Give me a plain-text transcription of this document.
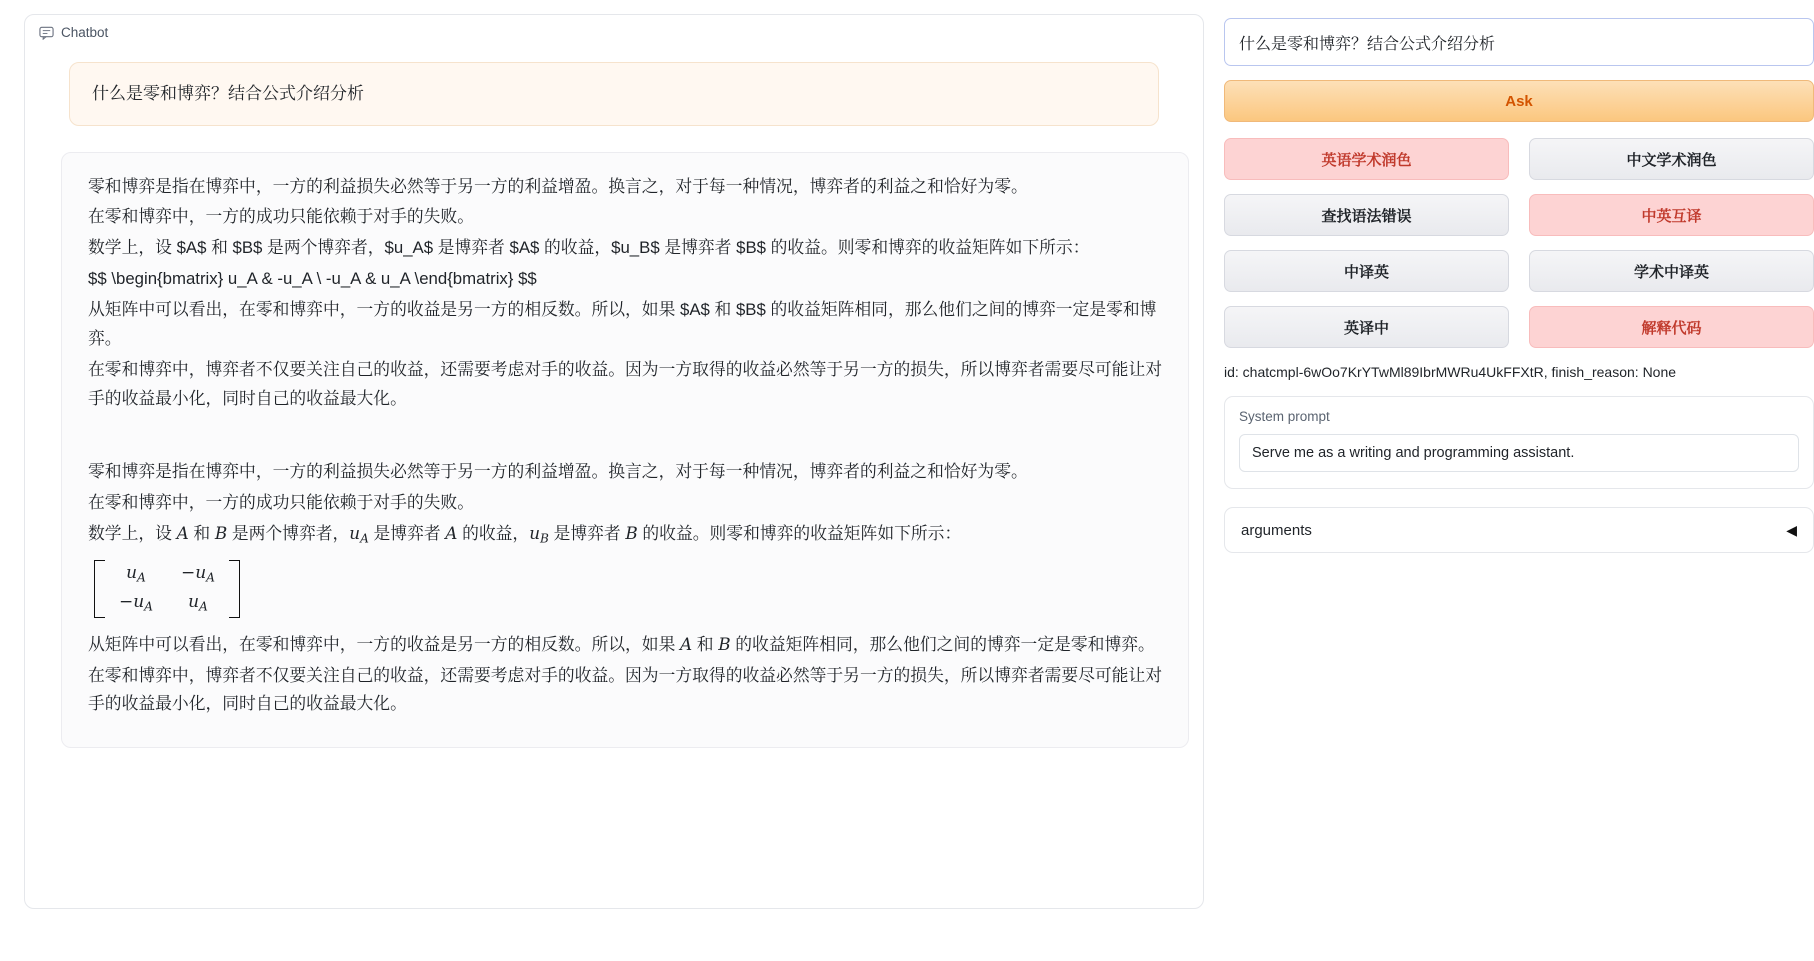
Chatbot
什么是零和博弈？结合公式介绍分析

零和博弈是指在博弈中，一方的利益损失必然等于另一方的利益增盈。换言之，对于每一种情况，博弈者的利益之和恰好为零。

在零和博弈中，一方的成功只能依赖于对手的失败。

数学上，设 $A$ 和 $B$ 是两个博弈者，$u_A$ 是博弈者 $A$ 的收益，$u_B$ 是博弈者 $B$ 的收益。则零和博弈的收益矩阵如下所示：

$$ \begin{bmatrix} u_A & -u_A \ -u_A & u_A \end{bmatrix} $$

从矩阵中可以看出，在零和博弈中，一方的收益是另一方的相反数。所以，如果 $A$ 和 $B$ 的收益矩阵相同，那么他们之间的博弈一定是零和博弈。

在零和博弈中，博弈者不仅要关注自己的收益，还需要考虑对手的收益。因为一方取得的收益必然等于另一方的损失，所以博弈者需要尽可能让对手的收益最小化，同时自己的收益最大化。

零和博弈是指在博弈中，一方的利益损失必然等于另一方的利益增盈。换言之，对于每一种情况，博弈者的利益之和恰好为零。

在零和博弈中，一方的成功只能依赖于对手的失败。

数学上，设 A 和 B 是两个博弈者，$u_A$ 是博弈者 A 的收益，$u_B$ 是博弈者 B 的收益。则零和博弈的收益矩阵如下所示：

$u_A -u_A$
$-u_A$ $u_A$

从矩阵中可以看出，在零和博弈中，一方的收益是另一方的相反数。所以，如果 A 和 B 的收益矩阵相同，那么他们之间的博弈一定是零和博弈。

在零和博弈中，博弈者不仅要关注自己的收益，还需要考虑对手的收益。因为一方取得的收益必然等于另一方的损失，所以博弈者需要尽可能让对手的收益最小化，同时自己的收益最大化。

什么是零和博弈？结合公式介绍分析 Ask
英语学术润色	中文学术润色
查找语法错误	中英互译
中译英	学术中译英
英译中	解释代码
id: chatcmpl-6wOo7KrYTwMl89IbrMWRu4UkFFXtR, finish_reason: None
System prompt
Serve me as a writing and programming assistant.
arguments	◀
